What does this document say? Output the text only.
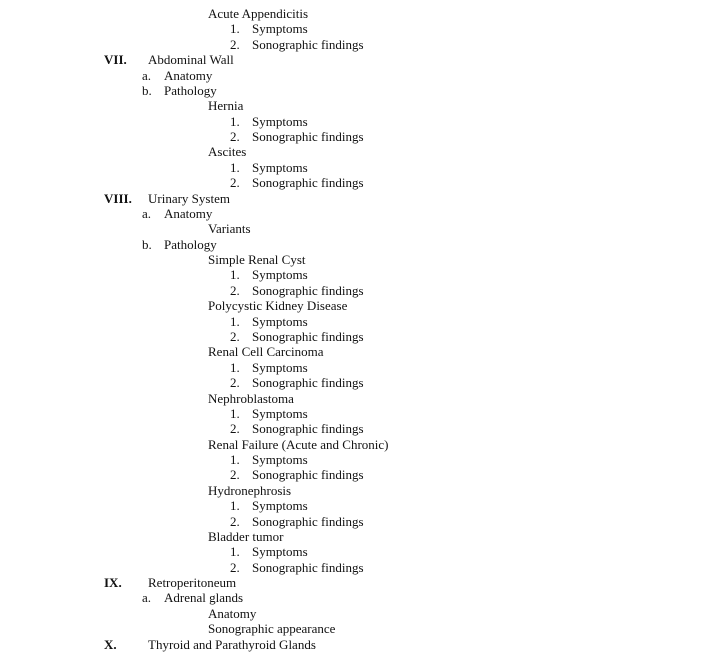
Acute Appendicitis
1. Symptoms
2. Sonographic findings
VII. Abdominal Wall
a. Anatomy
b. Pathology
Hernia
1. Symptoms
2. Sonographic findings
Ascites
1. Symptoms
2. Sonographic findings
VIII. Urinary System
a. Anatomy
Variants
b. Pathology
Simple Renal Cyst
1. Symptoms
2. Sonographic findings
Polycystic Kidney Disease
1. Symptoms
2. Sonographic findings
Renal Cell Carcinoma
1. Symptoms
2. Sonographic findings
Nephroblastoma
1. Symptoms
2. Sonographic findings
Renal Failure (Acute and Chronic)
1. Symptoms
2. Sonographic findings
Hydronephrosis
1. Symptoms
2. Sonographic findings
Bladder tumor
1. Symptoms
2. Sonographic findings
IX. Retroperitoneum
a. Adrenal glands
Anatomy
Sonographic appearance
X. Thyroid and Parathyroid Glands
